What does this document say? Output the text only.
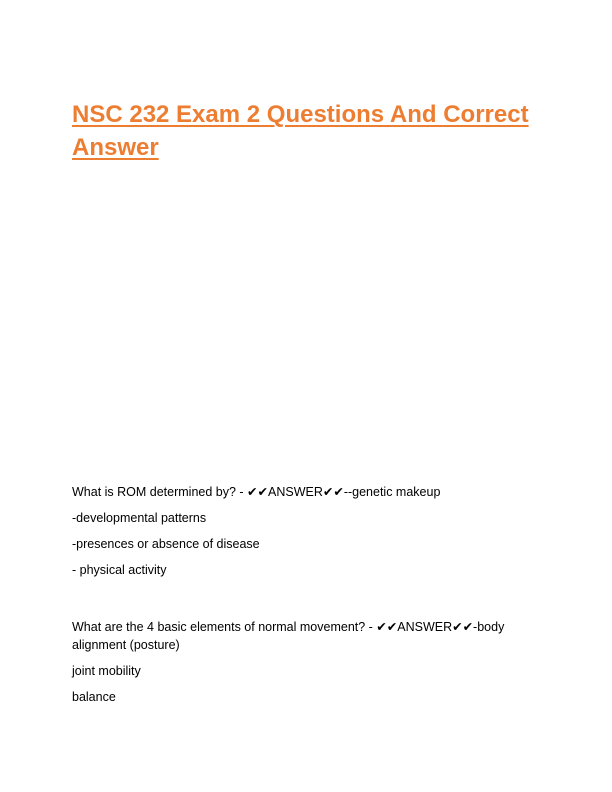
NSC 232 Exam 2 Questions And Correct Answer

What is ROM determined by? - ✔✔ANSWER✔✔--genetic makeup

-developmental patterns

-presences or absence of disease

- physical activity

What are the 4 basic elements of normal movement? - ✔✔ANSWER✔✔-body alignment (posture)

joint mobility

balance
